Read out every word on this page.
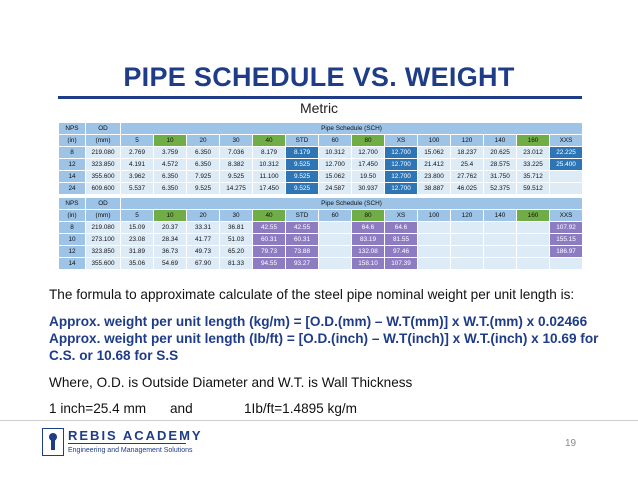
PIPE SCHEDULE VS. WEIGHT
Metric
NPS	OD	Pipe Schedule (SCH)													
(in)	(mm)	5	10	20	30	40	STD	60	80	XS	100	120	140	160	XXS
8	219.080	2.769	3.759	6.350	7.036	8.179	8.179	10.312	12.700	12.700	15.062	18.237	20.625	23.012	22.225
12	323.850	4.191	4.572	6.350	8.382	10.312	9.525	12.700	17.450	12.700	21.412	25.4	28.575	33.225	25.400
14	355.600	3.962	6.350	7.925	9.525	11.100	9.525	15.062	19.50	12.700	23.800	27.762	31.750	35.712	
24	609.600	5.537	6.350	9.525	14.275	17.450	9.525	24.587	30.937	12.700	38.887	46.025	52.375	59.512	
NPS	OD	Pipe Schedule (SCH)													
(in)	(mm)	5	10	20	30	40	STD	60	80	XS	100	120	140	160	XXS
8	219.080	15.09	20.37	33.31	36.81	42.55	42.55		64.6	64.6					107.92
10	273.100	23.08	28.34	41.77	51.03	60.31	60.31		83.19	81.55					155.15
12	323.850	31.89	36.73	49.73	65.20	79.73	73.88		132.08	97.46					186.97
14	355.600	35.06	54.69	67.90	81.33	94.55	93.27		158.10	107.39					
The formula to approximate calculate of the steel pipe nominal weight per unit length is:
Approx. weight per unit length (kg/m) = [O.D.(mm) – W.T(mm)] x W.T.(mm) x 0.02466
Approx. weight per unit length (Ib/ft) = [O.D.(inch) – W.T(inch)] x W.T.(inch) x 10.69 for
C.S. or 10.68 for S.S
Where, O.D. is Outside Diameter and W.T. is Wall Thickness
1 inch=25.4 mm and	1Ib/ft=1.4895 kg/m
REBIS ACADEMY
Engineering and Management Solutions
19
